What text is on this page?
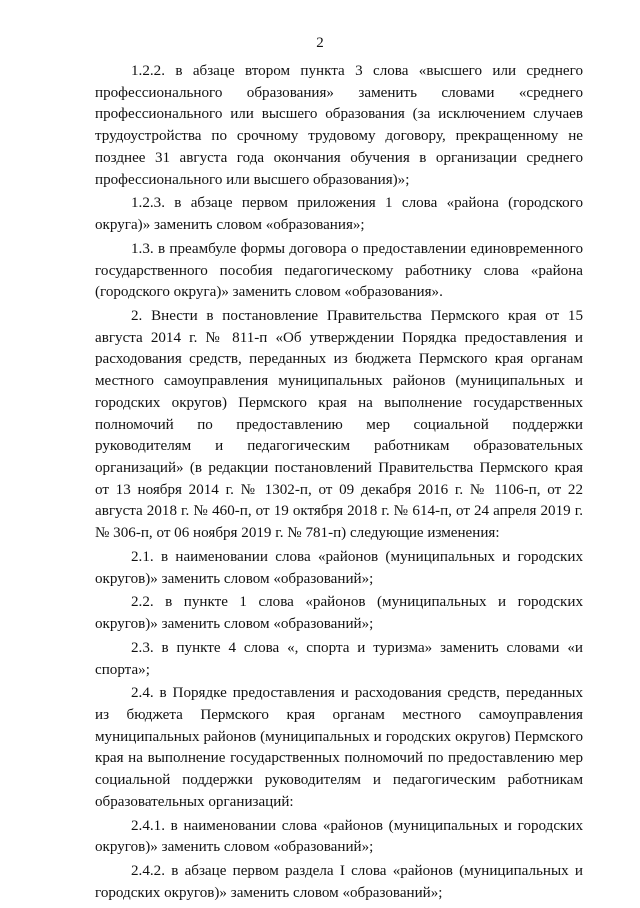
2

1.2.2. в абзаце втором пункта 3 слова «высшего или среднего профессионального образования» заменить словами «среднего профессионального или высшего образования (за исключением случаев трудоустройства по срочному трудовому договору, прекращенному не позднее 31 августа года окончания обучения в организации среднего профессионального или высшего образования)»;

1.2.3. в абзаце первом приложения 1 слова «района (городского округа)» заменить словом «образования»;

1.3. в преамбуле формы договора о предоставлении единовременного государственного пособия педагогическому работнику слова «района (городского округа)» заменить словом «образования».

2. Внести в постановление Правительства Пермского края от 15 августа 2014 г. № 811-п «Об утверждении Порядка предоставления и расходования средств, переданных из бюджета Пермского края органам местного самоуправления муниципальных районов (муниципальных и городских округов) Пермского края на выполнение государственных полномочий по предоставлению мер социальной поддержки руководителям и педагогическим работникам образовательных организаций» (в редакции постановлений Правительства Пермского края от 13 ноября 2014 г. № 1302-п, от 09 декабря 2016 г. № 1106-п, от 22 августа 2018 г. № 460-п, от 19 октября 2018 г. № 614-п, от 24 апреля 2019 г. № 306-п, от 06 ноября 2019 г. № 781-п) следующие изменения:

2.1. в наименовании слова «районов (муниципальных и городских округов)» заменить словом «образований»;

2.2. в пункте 1 слова «районов (муниципальных и городских округов)» заменить словом «образований»;

2.3. в пункте 4 слова «, спорта и туризма» заменить словами «и спорта»;

2.4. в Порядке предоставления и расходования средств, переданных из бюджета Пермского края органам местного самоуправления муниципальных районов (муниципальных и городских округов) Пермского края на выполнение государственных полномочий по предоставлению мер социальной поддержки руководителям и педагогическим работникам образовательных организаций:

2.4.1. в наименовании слова «районов (муниципальных и городских округов)» заменить словом «образований»;

2.4.2. в абзаце первом раздела I слова «районов (муниципальных и городских округов)» заменить словом «образований»;
